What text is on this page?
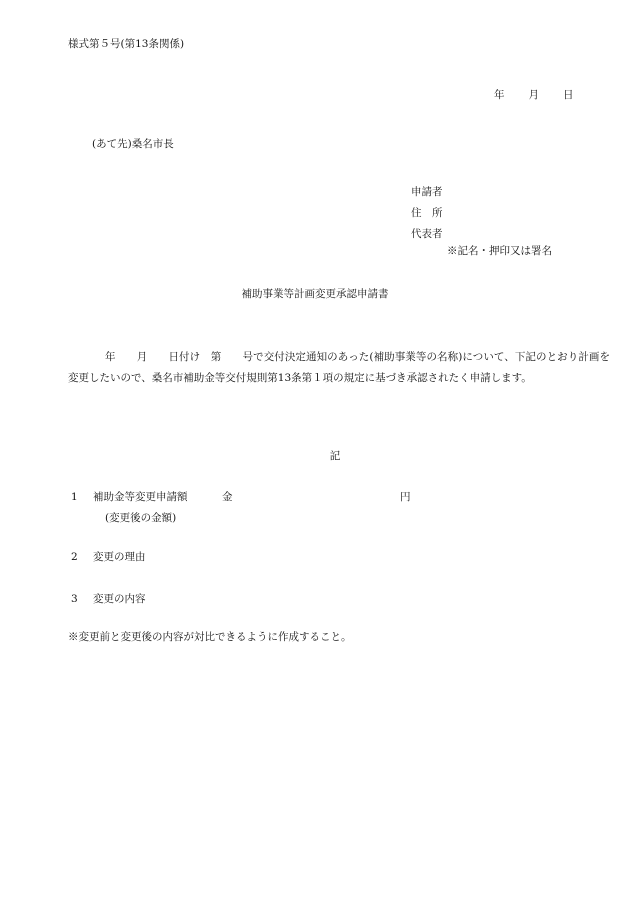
様式第５号(第13条関係)
年 月 日
(あて先)桑名市長
申請者
住　所
代表者
※記名・押印又は署名
補助事業等計画変更承認申請書
年　　月　　日付け　第　　号で交付決定通知のあった(補助事業等の名称)について、下記のとおり計画を変更したいので、桑名市補助金等交付規則第13条第１項の規定に基づき承認されたく申請します。
記
1 補助金等変更申請額	金	円
(変更後の金額)
2 変更の理由
3 変更の内容
※変更前と変更後の内容が対比できるように作成すること。
